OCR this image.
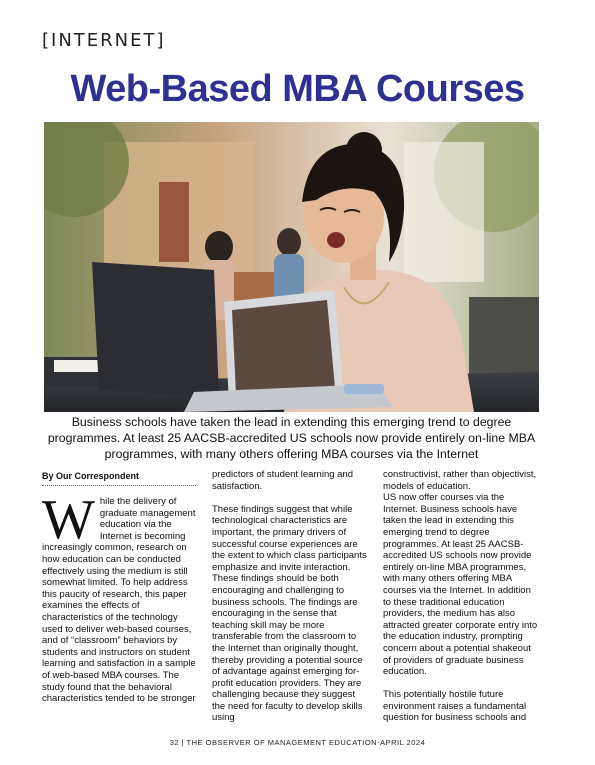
[INTERNET]
Web-Based MBA Courses

Business schools have taken the lead in extending this emerging trend to degree programmes. At least 25 AACSB-accredited US schools now provide entirely on-line MBA programmes, with many others offering MBA courses via the Internet

By Our Correspondent
W hile the delivery of graduate management education via the Internet is becoming increasingly common, research on how education can be conducted effectively using the medium is still somewhat limited. To help address this paucity of research, this paper examines the effects of characteristics of the technology used to deliver web-based courses, and of “classroom” behaviors by students and instructors on student learning and satisfaction in a sample of web-based MBA courses. The study found that the behavioral characteristics tended to be stronger

predictors of student learning and satisfaction.

These findings suggest that while technological characteristics are important, the primary drivers of successful course experiences are the extent to which class participants emphasize and invite interaction. These findings should be both encouraging and challenging to business schools. The findings are encouraging in the sense that teaching skill may be more transferable from the classroom to the Internet than originally thought, thereby providing a potential source of advantage against emerging for-profit education providers. They are challenging because they suggest the need for faculty to develop skills using

constructivist, rather than objectivist, models of education.

US now offer courses via the Internet. Business schools have taken the lead in extending this emerging trend to degree programmes. At least 25 AACSB-accredited US schools now provide entirely on-line MBA programmes, with many others offering MBA courses via the Internet. In addition to these traditional education providers, the medium has also attracted greater corporate entry into the education industry, prompting concern about a potential shakeout of providers of graduate business education.

This potentially hostile future environment raises a fundamental question for business schools and

32 | THE OBSERVER OF MANAGEMENT EDUCATION-APRIL 2024
